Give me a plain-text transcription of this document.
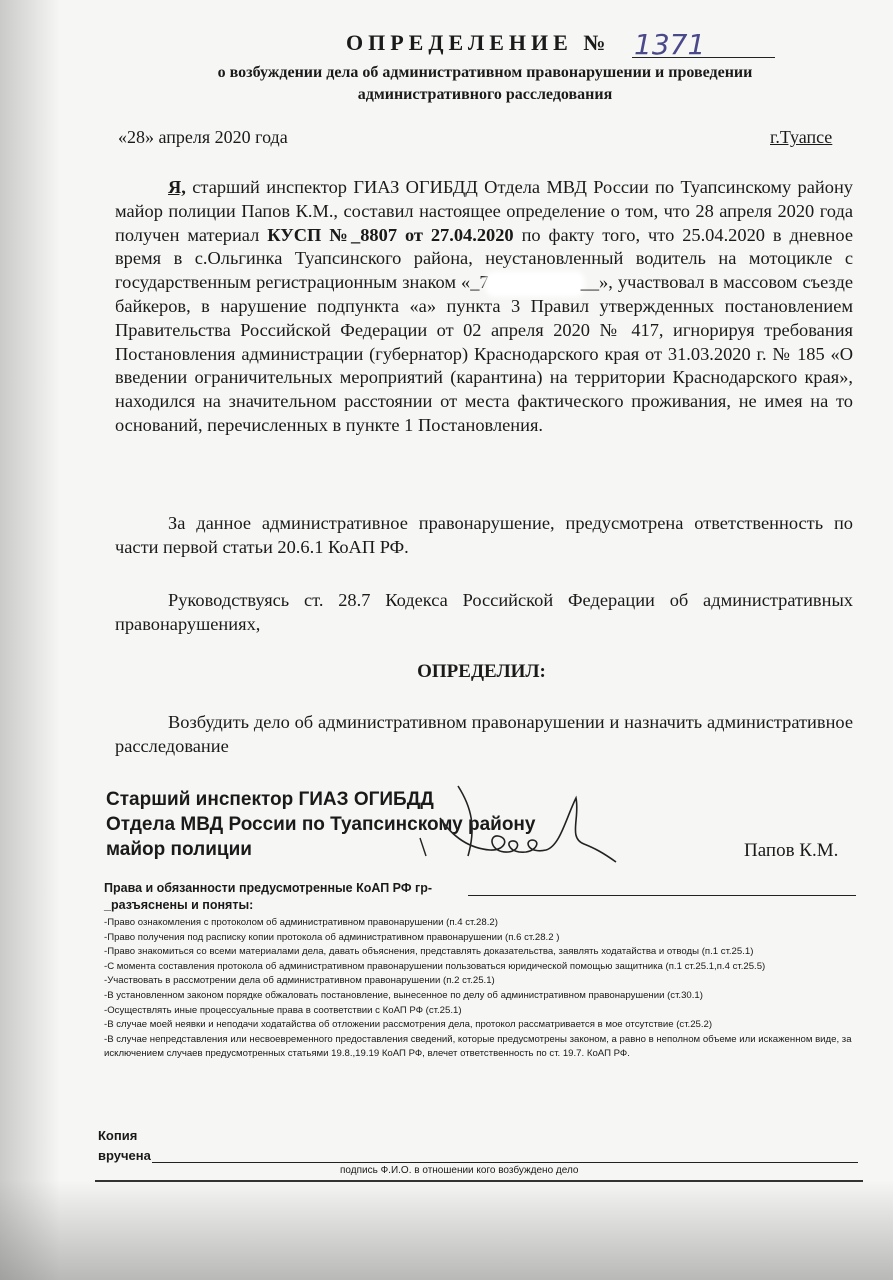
ОПРЕДЕЛЕНИЕ № 1371
о возбуждении дела об административном правонарушении и проведении
административного расследования
«28» апреля 2020 года	г.Туапсе
Я, старший инспектор ГИАЗ ОГИБДД Отдела МВД России по Туапсинскому району майор полиции Папов К.М., составил настоящее определение о том, что 28 апреля 2020 года получен материал КУСП №_8807 от 27.04.2020 по факту того, что 25.04.2020 в дневное время в с.Ольгинка Туапсинского района, неустановленный водитель на мотоцикле с государственным регистрационным знаком «_7	__», участвовал в массовом съезде байкеров, в нарушение подпункта «а» пункта 3 Правил утвержденных постановлением Правительства Российской Федерации от 02 апреля 2020 № 417, игнорируя требования Постановления администрации (губернатор) Краснодарского края от 31.03.2020 г. № 185 «О введении ограничительных мероприятий (карантина) на территории Краснодарского края», находился на значительном расстоянии от места фактического проживания, не имея на то оснований, перечисленных в пункте 1 Постановления.
За данное административное правонарушение, предусмотрена ответственность по части первой статьи 20.6.1 КоАП РФ.
Руководствуясь ст. 28.7 Кодекса Российской Федерации об административных правонарушениях,
ОПРЕДЕЛИЛ:
Возбудить дело об административном правонарушении и назначить административное расследование
Старший инспектор ГИАЗ ОГИБДД
Отдела МВД России по Туапсинскому району
майор полиции	Папов К.М.
Права и обязанности предусмотренные КоАП РФ гр-
_разъяснены и поняты:
-Право ознакомления с протоколом об административном правонарушении (п.4 ст.28.2)
-Право получения под расписку копии протокола об административном правонарушении (п.6 ст.28.2 )
-Право знакомиться со всеми материалами дела, давать объяснения, представлять доказательства, заявлять ходатайства и отводы (п.1 ст.25.1)
-С момента составления протокола об административном правонарушении пользоваться юридической помощью защитника (п.1 ст.25.1,п.4 ст.25.5)
-Участвовать в рассмотрении дела об административном правонарушении (п.2 ст.25.1)
-В установленном законом порядке обжаловать постановление, вынесенное по делу об административном правонарушении (ст.30.1)
-Осуществлять иные процессуальные права в соответствии с КоАП РФ (ст.25.1)
-В случае моей неявки и неподачи ходатайства об отложении рассмотрения дела, протокол рассматривается в мое отсутствие (ст.25.2)
-В случае непредставления или несвоевременного предоставления сведений, которые предусмотрены законом, а равно в неполном объеме или искаженном виде, за исключением случаев предусмотренных статьями 19.8.,19.19 КоАП РФ, влечет ответственность по ст. 19.7. КоАП РФ.
Копия
вручена
подпись Ф.И.О. в отношении кого возбуждено дело
